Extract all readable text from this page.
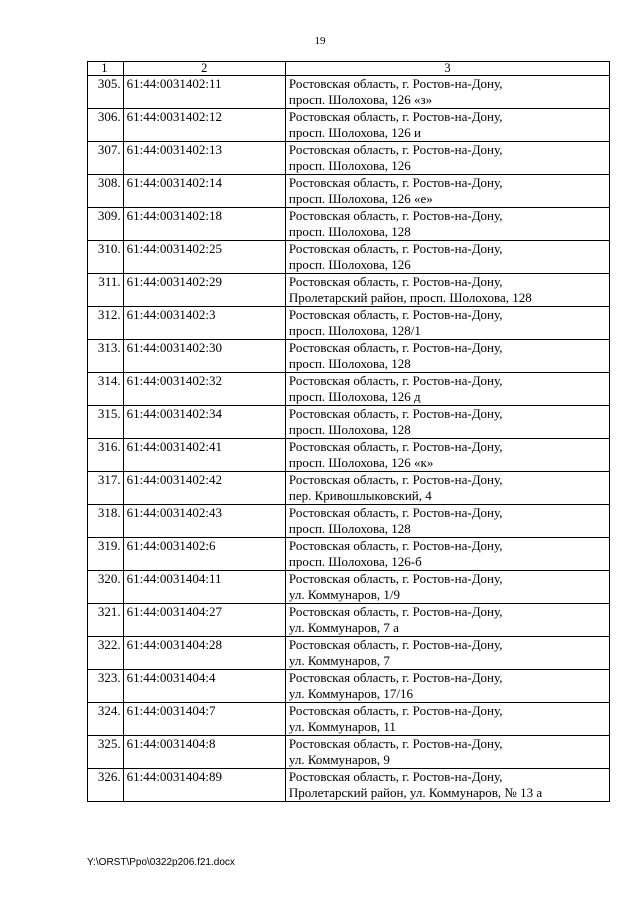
19
1	2	3
305.	61:44:0031402:11	Ростовская область, г. Ростов-на-Дону,
просп. Шолохова, 126 «з»

306.	61:44:0031402:12	Ростовская область, г. Ростов-на-Дону,
просп. Шолохова, 126 и

307.	61:44:0031402:13	Ростовская область, г. Ростов-на-Дону,
просп. Шолохова, 126

308.	61:44:0031402:14	Ростовская область, г. Ростов-на-Дону,
просп. Шолохова, 126 «е»

309.	61:44:0031402:18	Ростовская область, г. Ростов-на-Дону,
просп. Шолохова, 128

310.	61:44:0031402:25	Ростовская область, г. Ростов-на-Дону,
просп. Шолохова, 126

311.	61:44:0031402:29	Ростовская область, г. Ростов-на-Дону,
Пролетарский район, просп. Шолохова, 128

312.	61:44:0031402:3	Ростовская область, г. Ростов-на-Дону,
просп. Шолохова, 128/1

313.	61:44:0031402:30	Ростовская область, г. Ростов-на-Дону,
просп. Шолохова, 128

314.	61:44:0031402:32	Ростовская область, г. Ростов-на-Дону,
просп. Шолохова, 126 д

315.	61:44:0031402:34	Ростовская область, г. Ростов-на-Дону,
просп. Шолохова, 128

316.	61:44:0031402:41	Ростовская область, г. Ростов-на-Дону,
просп. Шолохова, 126 «к»

317.	61:44:0031402:42	Ростовская область, г. Ростов-на-Дону,
пер. Кривошлыковский, 4

318.	61:44:0031402:43	Ростовская область, г. Ростов-на-Дону,
просп. Шолохова, 128

319.	61:44:0031402:6	Ростовская область, г. Ростов-на-Дону,
просп. Шолохова, 126-б

320.	61:44:0031404:11	Ростовская область, г. Ростов-на-Дону,
ул. Коммунаров, 1/9

321.	61:44:0031404:27	Ростовская область, г. Ростов-на-Дону,
ул. Коммунаров, 7 а

322.	61:44:0031404:28	Ростовская область, г. Ростов-на-Дону,
ул. Коммунаров, 7

323.	61:44:0031404:4	Ростовская область, г. Ростов-на-Дону,
ул. Коммунаров, 17/16

324.	61:44:0031404:7	Ростовская область, г. Ростов-на-Дону,
ул. Коммунаров, 11

325.	61:44:0031404:8	Ростовская область, г. Ростов-на-Дону,
ул. Коммунаров, 9

326.	61:44:0031404:89	Ростовская область, г. Ростов-на-Дону,
Пролетарский район, ул. Коммунаров, № 13 а
Y:\ORST\Ppo\0322p206.f21.docx
